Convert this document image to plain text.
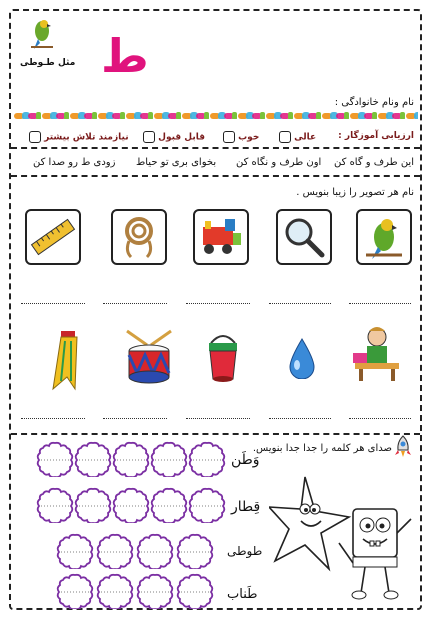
ط
مثل
طـوطی
نام ونام خانوادگی :
ارزیابی آموزگار :
عالی
خوب
قابل قبول
نیازمند تلاش بیشتر
این طرف و گاه کن
اون طرف و نگاه کن
بخوای بری تو حیاط
زودی ط رو صدا کن
نام هر تصویر را زیبا بنویس .
صدای هر کلمه را جدا جدا بنویس.
وَطَن
قِطار
طوطی
طَناب
